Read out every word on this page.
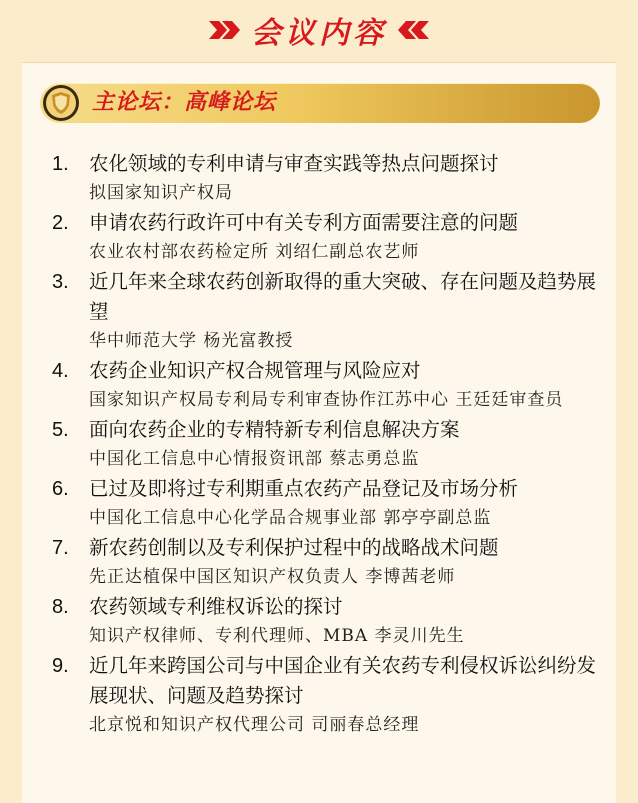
会议内容
主论坛：高峰论坛
1. 农化领域的专利申请与审查实践等热点问题探讨

拟国家知识产权局

2. 申请农药行政许可中有关专利方面需要注意的问题

农业农村部农药检定所 刘绍仁副总农艺师

3. 近几年来全球农药创新取得的重大突破、存在问题及趋势展望

华中师范大学 杨光富教授

4. 农药企业知识产权合规管理与风险应对

国家知识产权局专利局专利审查协作江苏中心 王廷廷审查员

5. 面向农药企业的专精特新专利信息解决方案

中国化工信息中心情报资讯部 蔡志勇总监

6. 已过及即将过专利期重点农药产品登记及市场分析

中国化工信息中心化学品合规事业部 郭亭亭副总监

7. 新农药创制以及专利保护过程中的战略战术问题

先正达植保中国区知识产权负责人 李博茜老师

8. 农药领域专利维权诉讼的探讨

知识产权律师、专利代理师、MBA 李灵川先生

9. 近几年来跨国公司与中国企业有关农药专利侵权诉讼纠纷发展现状、问题及趋势探讨

北京悦和知识产权代理公司 司丽春总经理
